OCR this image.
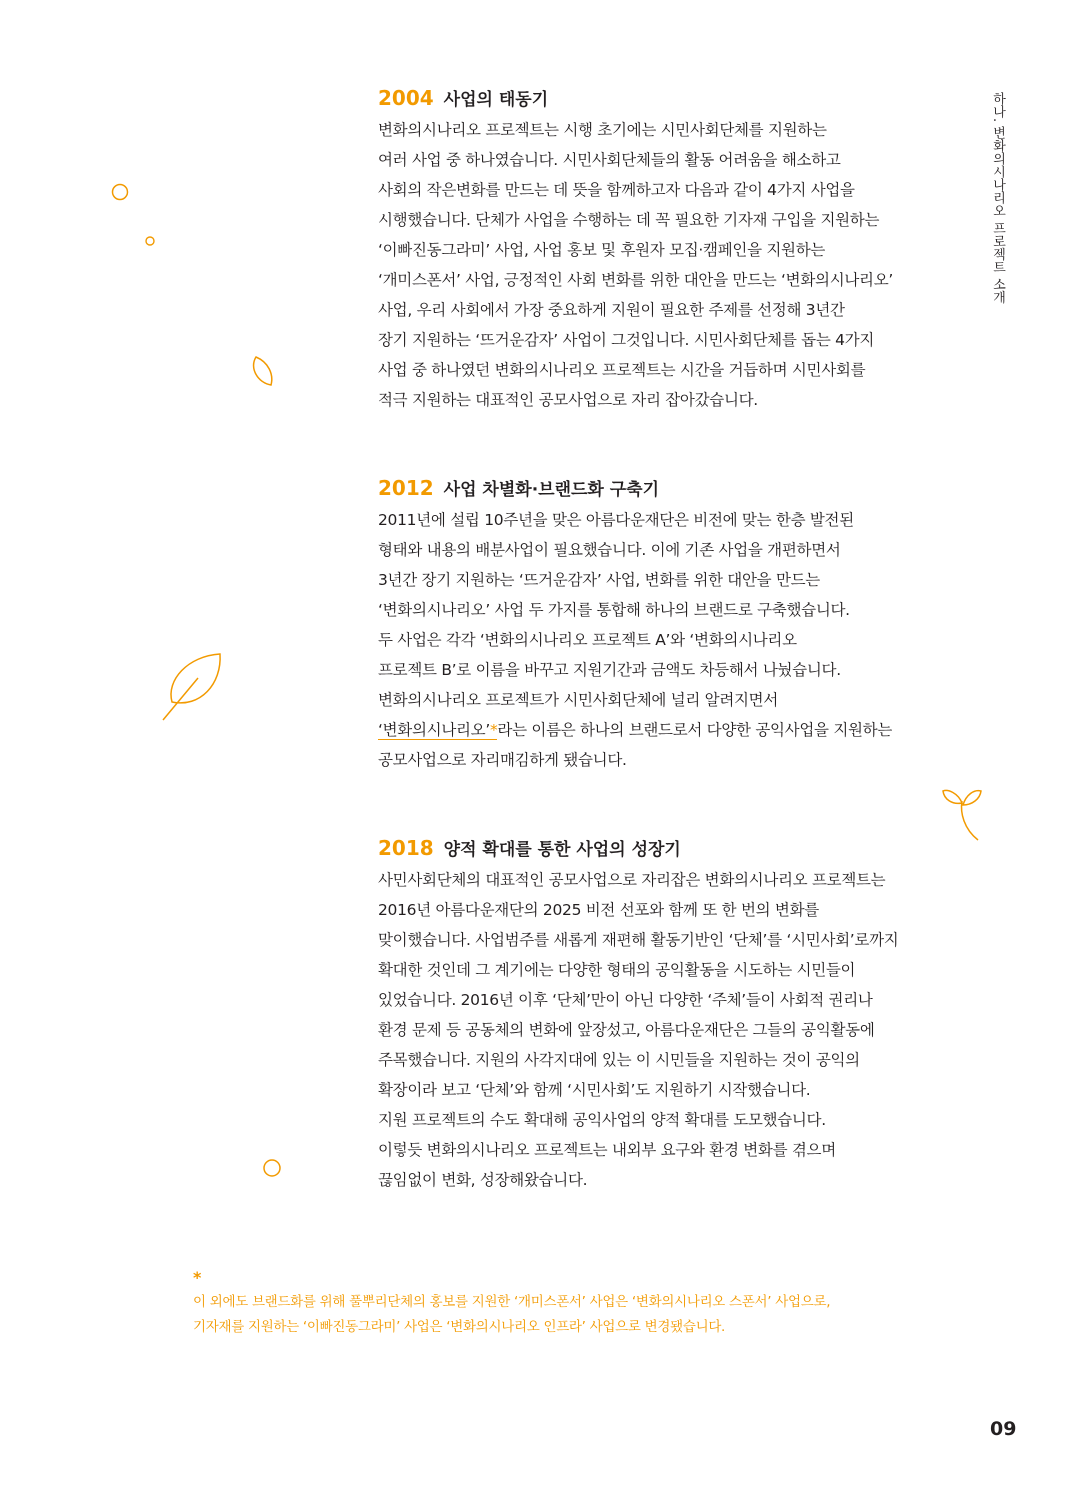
하나. 변화의시나리오 프로젝트 소개
2004 사업의 태동기

변화의시나리오 프로젝트는 시행 초기에는 시민사회단체를 지원하는
여러 사업 중 하나였습니다. 시민사회단체들의 활동 어려움을 해소하고
사회의 작은변화를 만드는 데 뜻을 함께하고자 다음과 같이 4가지 사업을
시행했습니다. 단체가 사업을 수행하는 데 꼭 필요한 기자재 구입을 지원하는
‘이빠진동그라미’ 사업, 사업 홍보 및 후원자 모집·캠페인을 지원하는
‘개미스폰서’ 사업, 긍정적인 사회 변화를 위한 대안을 만드는 ‘변화의시나리오’
사업, 우리 사회에서 가장 중요하게 지원이 필요한 주제를 선정해 3년간
장기 지원하는 ‘뜨거운감자’ 사업이 그것입니다. 시민사회단체를 돕는 4가지
사업 중 하나였던 변화의시나리오 프로젝트는 시간을 거듭하며 시민사회를
적극 지원하는 대표적인 공모사업으로 자리 잡아갔습니다.

2012 사업 차별화·브랜드화 구축기

2011년에 설립 10주년을 맞은 아름다운재단은 비전에 맞는 한층 발전된
형태와 내용의 배분사업이 필요했습니다. 이에 기존 사업을 개편하면서
3년간 장기 지원하는 ‘뜨거운감자’ 사업, 변화를 위한 대안을 만드는
‘변화의시나리오’ 사업 두 가지를 통합해 하나의 브랜드로 구축했습니다.
두 사업은 각각 ‘변화의시나리오 프로젝트 A’와 ‘변화의시나리오
프로젝트 B’로 이름을 바꾸고 지원기간과 금액도 차등해서 나눴습니다.
변화의시나리오 프로젝트가 시민사회단체에 널리 알려지면서
‘변화의시나리오’*라는 이름은 하나의 브랜드로서 다양한 공익사업을 지원하는
공모사업으로 자리매김하게 됐습니다.

2018 양적 확대를 통한 사업의 성장기

사민사회단체의 대표적인 공모사업으로 자리잡은 변화의시나리오 프로젝트는
2016년 아름다운재단의 2025 비전 선포와 함께 또 한 번의 변화를
맞이했습니다. 사업범주를 새롭게 재편해 활동기반인 ‘단체’를 ‘시민사회’로까지
확대한 것인데 그 계기에는 다양한 형태의 공익활동을 시도하는 시민들이
있었습니다. 2016년 이후 ‘단체’만이 아닌 다양한 ‘주체’들이 사회적 권리나
환경 문제 등 공동체의 변화에 앞장섰고, 아름다운재단은 그들의 공익활동에
주목했습니다. 지원의 사각지대에 있는 이 시민들을 지원하는 것이 공익의
확장이라 보고 ‘단체’와 함께 ‘시민사회’도 지원하기 시작했습니다.
지원 프로젝트의 수도 확대해 공익사업의 양적 확대를 도모했습니다.
이렇듯 변화의시나리오 프로젝트는 내외부 요구와 환경 변화를 겪으며
끊임없이 변화, 성장해왔습니다.

*
이 외에도 브랜드화를 위해 풀뿌리단체의 홍보를 지원한 ‘개미스폰서’ 사업은 ‘변화의시나리오 스폰서’ 사업으로,
기자재를 지원하는 ‘이빠진동그라미’ 사업은 ‘변화의시나리오 인프라’ 사업으로 변경됐습니다.
09
